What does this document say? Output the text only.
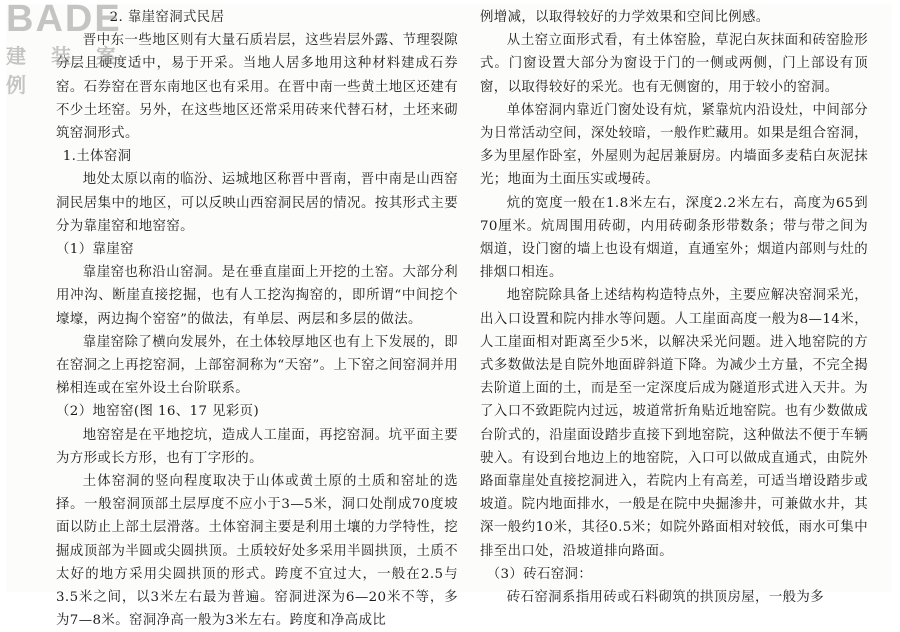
2. 靠崖窑洞式民居

晋中东一些地区则有大量石质岩层，这些岩层外露、节理裂隙分层且硬度适中，易于开采。当地人居多地用这种材料建成石券窑。石券窑在晋东南地区也有采用。在晋中南一些黄土地区还建有不少土坯窑。另外，在这些地区还常采用砖来代替石材，土坯来砌筑窑洞形式。

1.土体窑洞

地处太原以南的临汾、运城地区称晋中晋南，晋中南是山西窑洞民居集中的地区，可以反映山西窑洞民居的情况。按其形式主要分为靠崖窑和地窑窑。

（1）靠崖窑

靠崖窑也称沿山窑洞。是在垂直崖面上开挖的土窑。大部分利用冲沟、断崖直接挖掘，也有人工挖沟掏窑的，即所谓“中间挖个壕壕，两边掏个窑窑”的做法，有单层、两层和多层的做法。

靠崖窑除了横向发展外，在土体较厚地区也有上下发展的，即在窑洞之上再挖窑洞，上部窑洞称为“天窑”。上下窑之间窑洞并用梯相连或在室外设土台阶联系。

（2）地窑窑(图 16、17 见彩页)

地窑窑是在平地挖坑，造成人工崖面，再挖窑洞。坑平面主要为方形或长方形，也有丁字形的。

土体窑洞的竖向程度取决于山体或黄土原的土质和窑址的选择。一般窑洞顶部土层厚度不应小于3—5米，洞口处削成70度坡面以防止上部土层滑落。土体窑洞主要是利用土壤的力学特性，挖掘成顶部为半圆或尖圆拱顶。土质较好处多采用半圆拱顶，土质不太好的地方采用尖圆拱顶的形式。跨度不宜过大，一般在2.5与3.5米之间，以3米左右最为普遍。窑洞进深为6—20米不等，多为7—8米。窑洞净高一般为3米左右。跨度和净高成比

例增减，以取得较好的力学效果和空间比例感。

从土窑立面形式看，有土体窑脸，草泥白灰抹面和砖窑脸形式。门窗设置大部分为窗设于门的一侧或两侧，门上部设有顶窗，以取得较好的采光。也有无侧窗的，用于较小的窑洞。

单体窑洞内靠近门窗处设有炕，紧靠炕内沿设灶，中间部分为日常活动空间，深处较暗，一般作贮藏用。如果是组合窑洞，多为里屋作卧室，外屋则为起居兼厨房。内墙面多麦秸白灰泥抹光；地面为土面压实或墁砖。

炕的宽度一般在1.8米左右，深度2.2米左右，高度为65到70厘米。炕周围用砖砌，内用砖砌条形带数条；带与带之间为烟道，设门窗的墙上也设有烟道，直通室外；烟道内部则与灶的排烟口相连。

地窑院除具备上述结构构造特点外，主要应解决窑洞采光，出入口设置和院内排水等问题。人工崖面高度一般为8—14米，人工崖面相对距离至少5米，以解决采光问题。进入地窑院的方式多数做法是自院外地面辟斜道下降。为减少土方量，不完全揭去阶道上面的土，而是至一定深度后成为隧道形式进入天井。为了入口不致距院内过远，坡道常折角贴近地窑院。也有少数做成台阶式的，沿崖面设踏步直接下到地窑院，这种做法不便于车辆驶入。有设到台地边上的地窑院，入口可以做成直通式，由院外路面靠崖处直接挖洞进入，若院内上有高差，可适当增设踏步或坡道。院内地面排水，一般是在院中央掘渗井，可兼做水井，其深一般约10米，其径0.5米；如院外路面相对较低，雨水可集中排至出口处，沿坡道排向路面。

（3）砖石窑洞：

砖石窑洞系指用砖或石料砌筑的拱顶房屋，一般为多

BADE
建 装 案 例
